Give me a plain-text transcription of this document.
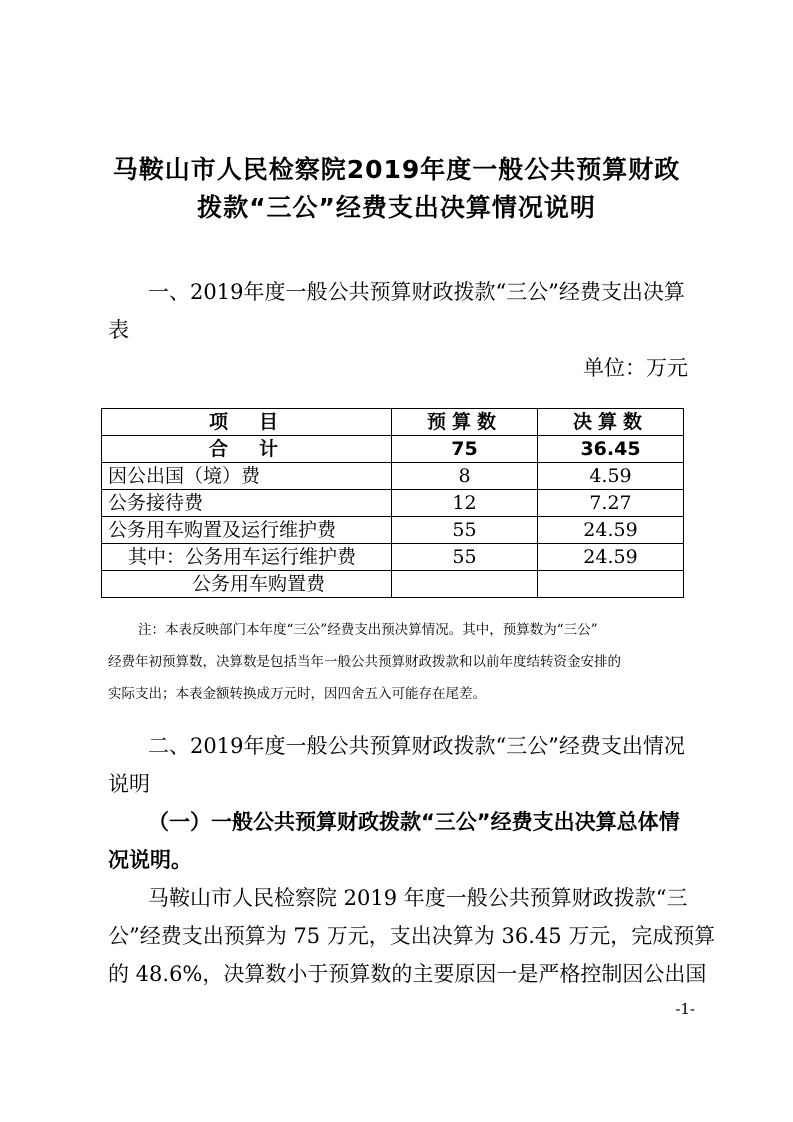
马鞍山市人民检察院2019年度一般公共预算财政
拨款“三公”经费支出决算情况说明
一、2019年度一般公共预算财政拨款“三公”经费支出决算
表
单位：万元
项　目	预算数	决算数
合　计	75	36.45
因公出国（境）费	8	4.59
公务接待费	12	7.27
公务用车购置及运行维护费	55	24.59
其中：公务用车运行维护费	55	24.59
公务用车购置费		
注：本表反映部门本年度“三公”经费支出预决算情况。其中，预算数为“三公”
经费年初预算数，决算数是包括当年一般公共预算财政拨款和以前年度结转资金安排的
实际支出；本表金额转换成万元时，因四舍五入可能存在尾差。
二、2019年度一般公共预算财政拨款“三公”经费支出情况
说明
（一）一般公共预算财政拨款“三公”经费支出决算总体情
况说明。
马鞍山市人民检察院 2019 年度一般公共预算财政拨款“三
公”经费支出预算为 75 万元，支出决算为 36.45 万元，完成预算
的 48.6%，决算数小于预算数的主要原因一是严格控制因公出国
-1-
